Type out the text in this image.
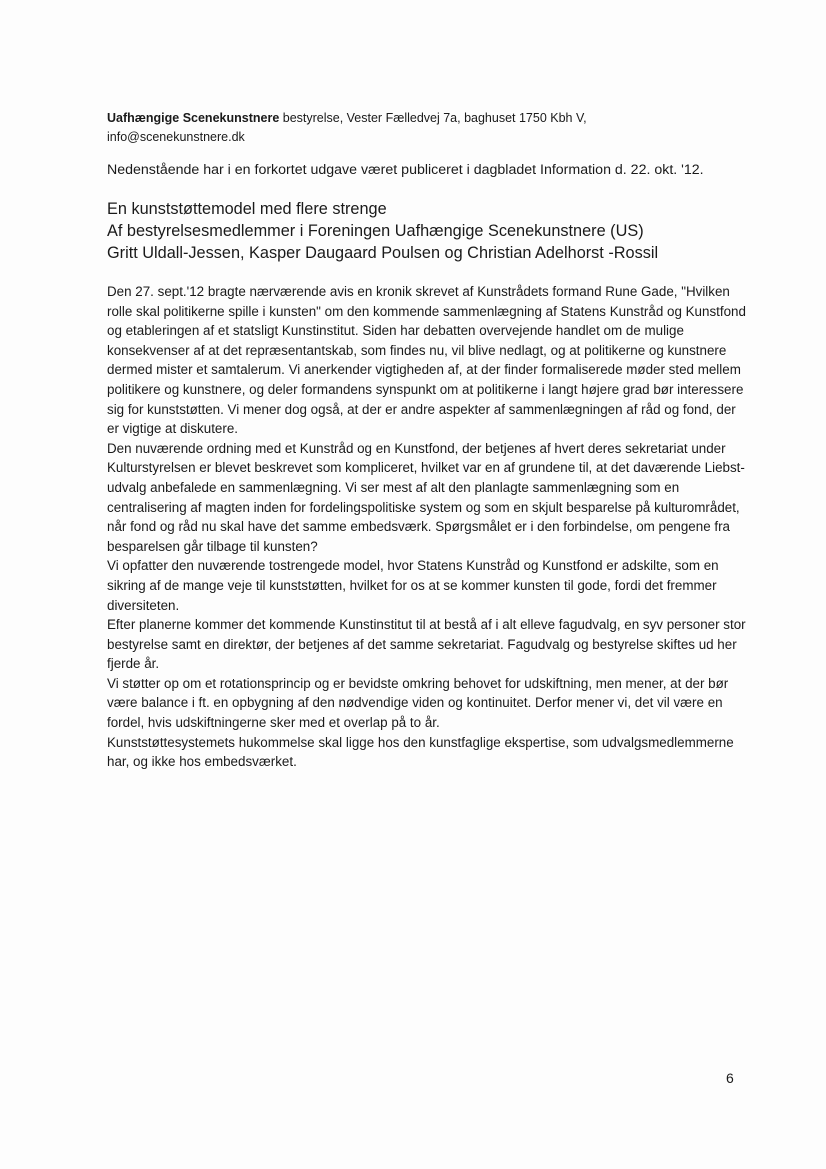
Uafhængige Scenekunstnere bestyrelse, Vester Fælledvej 7a, baghuset 1750 Kbh V,
info@scenekunstnere.dk
Nedenstående har i en forkortet udgave været publiceret i dagbladet Information d. 22. okt. '12.
En kunststøttemodel med flere strenge
Af bestyrelsesmedlemmer i Foreningen Uafhængige Scenekunstnere (US)
Gritt Uldall-Jessen, Kasper Daugaard Poulsen og Christian Adelhorst -Rossil

Den 27. sept.'12 bragte nærværende avis en kronik skrevet af Kunstrådets formand Rune Gade, "Hvilken rolle skal politikerne spille i kunsten" om den kommende sammenlægning af Statens Kunstråd og Kunstfond og etableringen af et statsligt Kunstinstitut. Siden har debatten overvejende handlet om de mulige konsekvenser af at det repræsentantskab, som findes nu, vil blive nedlagt, og at politikerne og kunstnere dermed mister et samtalerum. Vi anerkender vigtigheden af, at der finder formaliserede møder sted mellem politikere og kunstnere, og deler formandens synspunkt om at politikerne i langt højere grad bør interessere sig for kunststøtten. Vi mener dog også, at der er andre aspekter af sammenlægningen af råd og fond, der er vigtige at diskutere.

Den nuværende ordning med et Kunstråd og en Kunstfond, der betjenes af hvert deres sekretariat under Kulturstyrelsen er blevet beskrevet som kompliceret, hvilket var en af grundene til, at det daværende Liebst-udvalg anbefalede en sammenlægning. Vi ser mest af alt den planlagte sammenlægning som en centralisering af magten inden for fordelingspolitiske system og som en skjult besparelse på kulturområdet, når fond og råd nu skal have det samme embedsværk. Spørgsmålet er i den forbindelse, om pengene fra besparelsen går tilbage til kunsten?

Vi opfatter den nuværende tostrengede model, hvor Statens Kunstråd og Kunstfond er adskilte, som en sikring af de mange veje til kunststøtten, hvilket for os at se kommer kunsten til gode, fordi det fremmer diversiteten.

Efter planerne kommer det kommende Kunstinstitut til at bestå af i alt elleve fagudvalg, en syv personer stor bestyrelse samt en direktør, der betjenes af det samme sekretariat. Fagudvalg og bestyrelse skiftes ud her fjerde år.

Vi støtter op om et rotationsprincip og er bevidste omkring behovet for udskiftning, men mener, at der bør være balance i ft. en opbygning af den nødvendige viden og kontinuitet. Derfor mener vi, det vil være en fordel, hvis udskiftningerne sker med et overlap på to år.

Kunststøttesystemets hukommelse skal ligge hos den kunstfaglige ekspertise, som udvalgsmedlemmerne har, og ikke hos embedsværket.

6
